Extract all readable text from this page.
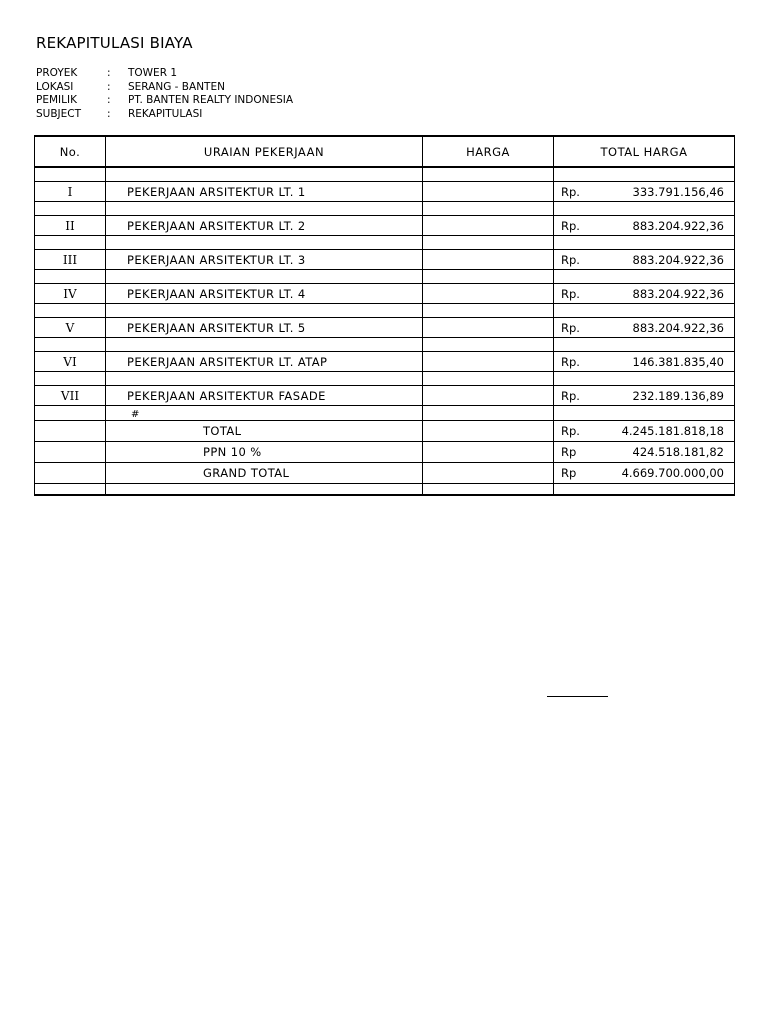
REKAPITULASI BIAYA
PROYEK	:	TOWER 1
LOKASI	:	SERANG - BANTEN
PEMILIK	:	PT. BANTEN REALTY INDONESIA
SUBJECT	:	REKAPITULASI
No.	URAIAN PEKERJAAN	HARGA	TOTAL HARGA

I	PEKERJAAN ARSITEKTUR LT. 1		Rp. 333.791.156,46

II	PEKERJAAN ARSITEKTUR LT. 2		Rp. 883.204.922,36

III	PEKERJAAN ARSITEKTUR LT. 3		Rp. 883.204.922,36

IV	PEKERJAAN ARSITEKTUR LT. 4		Rp. 883.204.922,36

V	PEKERJAAN ARSITEKTUR LT. 5		Rp. 883.204.922,36

VI	PEKERJAAN ARSITEKTUR LT. ATAP		Rp. 146.381.835,40

VII	PEKERJAAN ARSITEKTUR FASADE		Rp. 232.189.136,89

	#		
	TOTAL		Rp. 4.245.181.818,18

	PPN 10 %		Rp 424.518.181,82

	GRAND TOTAL		Rp 4.669.700.000,00
